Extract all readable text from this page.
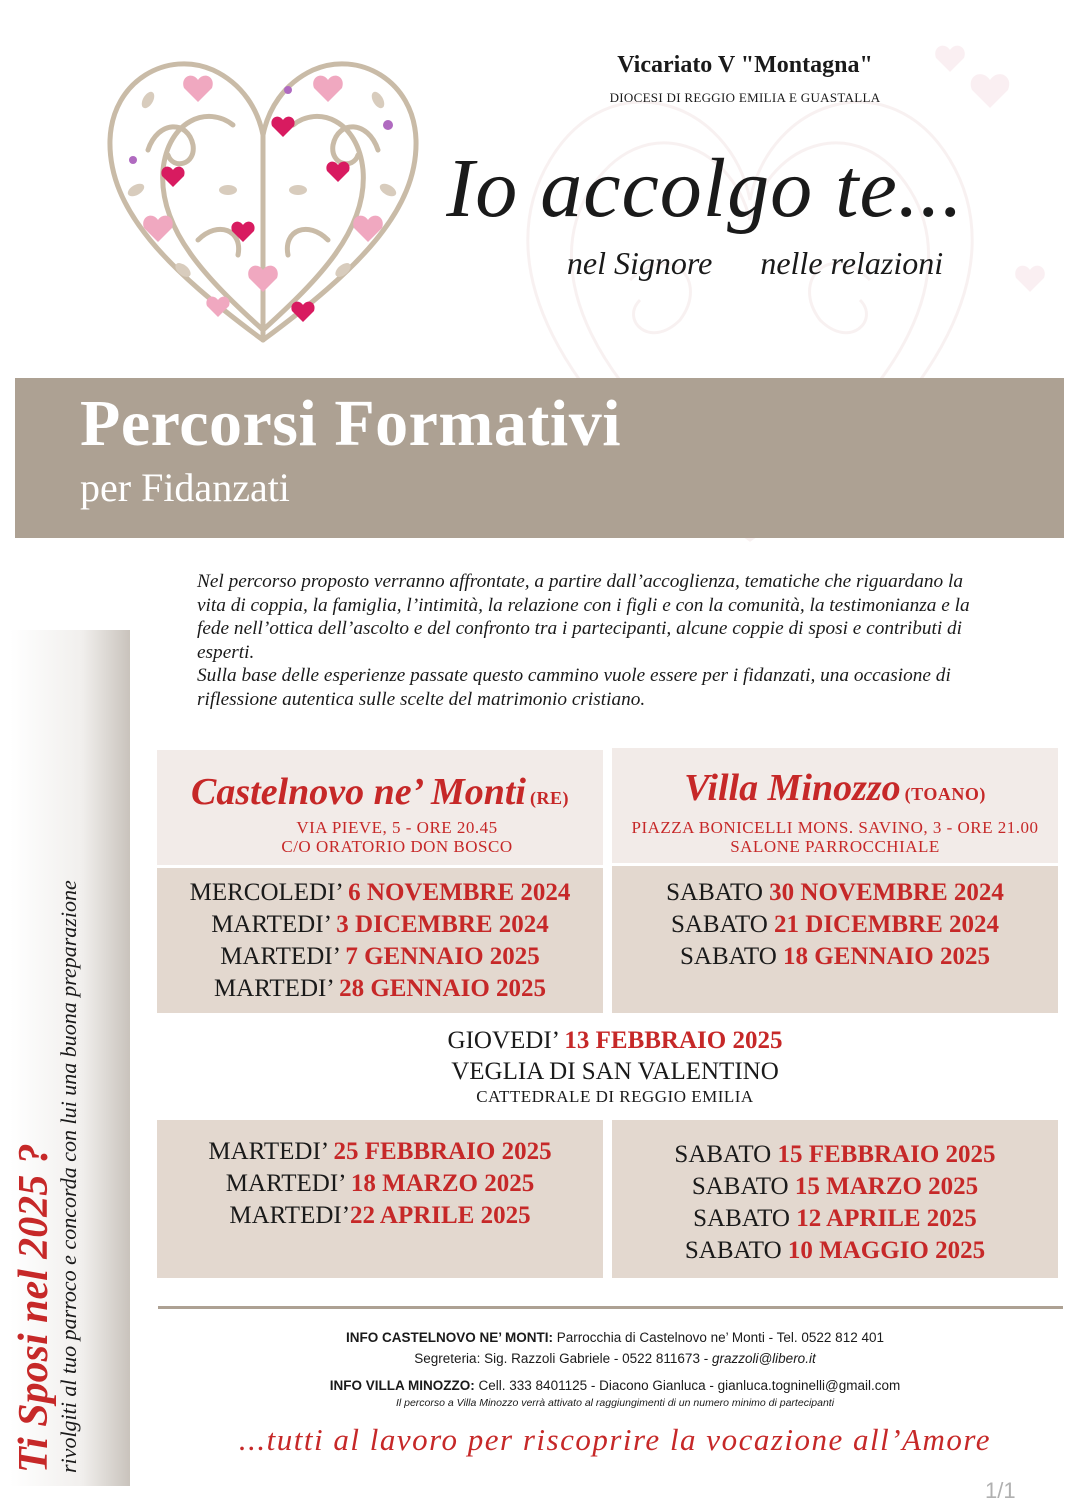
Vicariato V "Montagna"
DIOCESI DI REGGIO EMILIA E GUASTALLA
Io accolgo te...
nel Signore nelle relazioni
Percorsi Formativi
per Fidanzati
Ti Sposi nel 2025 ? rivolgiti al tuo parroco e concorda con lui una buona preparazione

Nel percorso proposto verranno affrontate, a partire dall’accoglienza, tematiche che riguardano la vita di coppia, la famiglia, l’intimità, la relazione con i figli e con la comunità, la testimonianza e la fede nell’ottica dell’ascolto e del confronto tra i partecipanti, alcune coppie di sposi e contributi di esperti.

Sulla base delle esperienze passate questo cammino vuole essere per i fidanzati, una occasione di riflessione autentica sulle scelte del matrimonio cristiano.

Castelnovo ne’ Monti (RE)
VIA PIEVE, 5 - ORE 20.45
C/O ORATORIO DON BOSCO
Villa Minozzo (TOANO)
PIAZZA BONICELLI MONS. SAVINO, 3 - ORE 21.00
SALONE PARROCCHIALE
MERCOLEDI’ 6 NOVEMBRE 2024
MARTEDI’ 3 DICEMBRE 2024
MARTEDI’ 7 GENNAIO 2025
MARTEDI’ 28 GENNAIO 2025
SABATO 30 NOVEMBRE 2024
SABATO 21 DICEMBRE 2024
SABATO 18 GENNAIO 2025
GIOVEDI’ 13 FEBBRAIO 2025
VEGLIA DI SAN VALENTINO
CATTEDRALE DI REGGIO EMILIA
MARTEDI’ 25 FEBBRAIO 2025
MARTEDI’ 18 MARZO 2025
MARTEDI’22 APRILE 2025
SABATO 15 FEBBRAIO 2025
SABATO 15 MARZO 2025
SABATO 12 APRILE 2025
SABATO 10 MAGGIO 2025
INFO CASTELNOVO NE’ MONTI: Parrocchia di Castelnovo ne’ Monti - Tel. 0522 812 401
Segreteria: Sig. Razzoli Gabriele - 0522 811673 - grazzoli@libero.it
INFO VILLA MINOZZO: Cell. 333 8401125 - Diacono Gianluca - gianluca.togninelli@gmail.com
Il percorso a Villa Minozzo verrà attivato al raggiungimenti di un numero minimo di partecipanti
...tutti al lavoro per riscoprire la vocazione all’Amore
1/1
